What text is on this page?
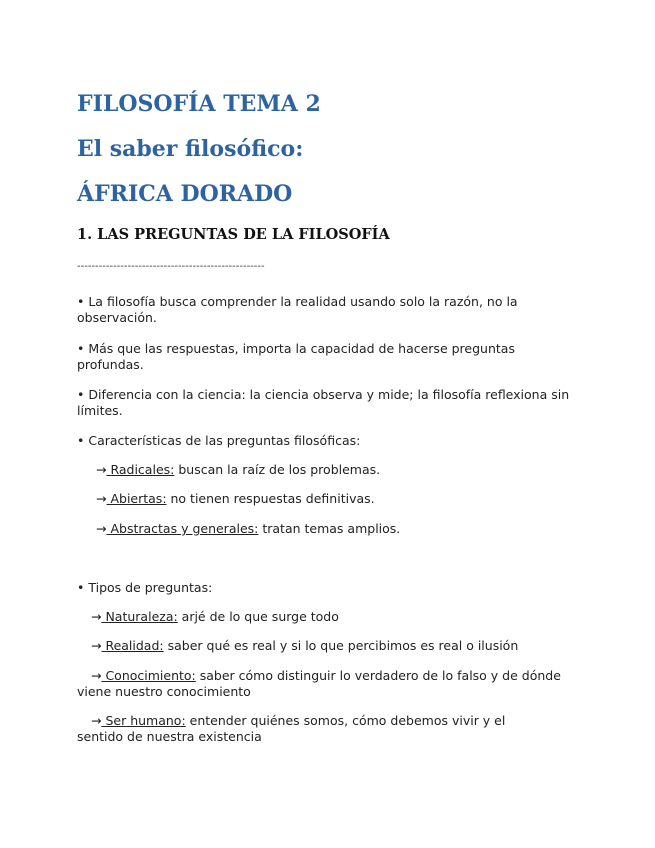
FILOSOFÍA TEMA 2
El saber filosófico:
ÁFRICA DORADO
1. LAS PREGUNTAS DE LA FILOSOFÍA
----------------------------------------------------

• La filosofía busca comprender la realidad usando solo la razón, no la observación.

• Más que las respuestas, importa la capacidad de hacerse preguntas profundas.

• Diferencia con la ciencia: la ciencia observa y mide; la filosofía reflexiona sin límites.

• Características de las preguntas filosóficas:

→ Radicales: buscan la raíz de los problemas.
→ Abiertas: no tienen respuestas definitivas.
→ Abstractas y generales: tratan temas amplios.

• Tipos de preguntas:

→ Naturaleza: arjé de lo que surge todo
→ Realidad: saber qué es real y si lo que percibimos es real o ilusión
→ Conocimiento: saber cómo distinguir lo verdadero de lo falso y de dónde viene nuestro conocimiento
→ Ser humano: entender quiénes somos, cómo debemos vivir y el sentido de nuestra existencia
